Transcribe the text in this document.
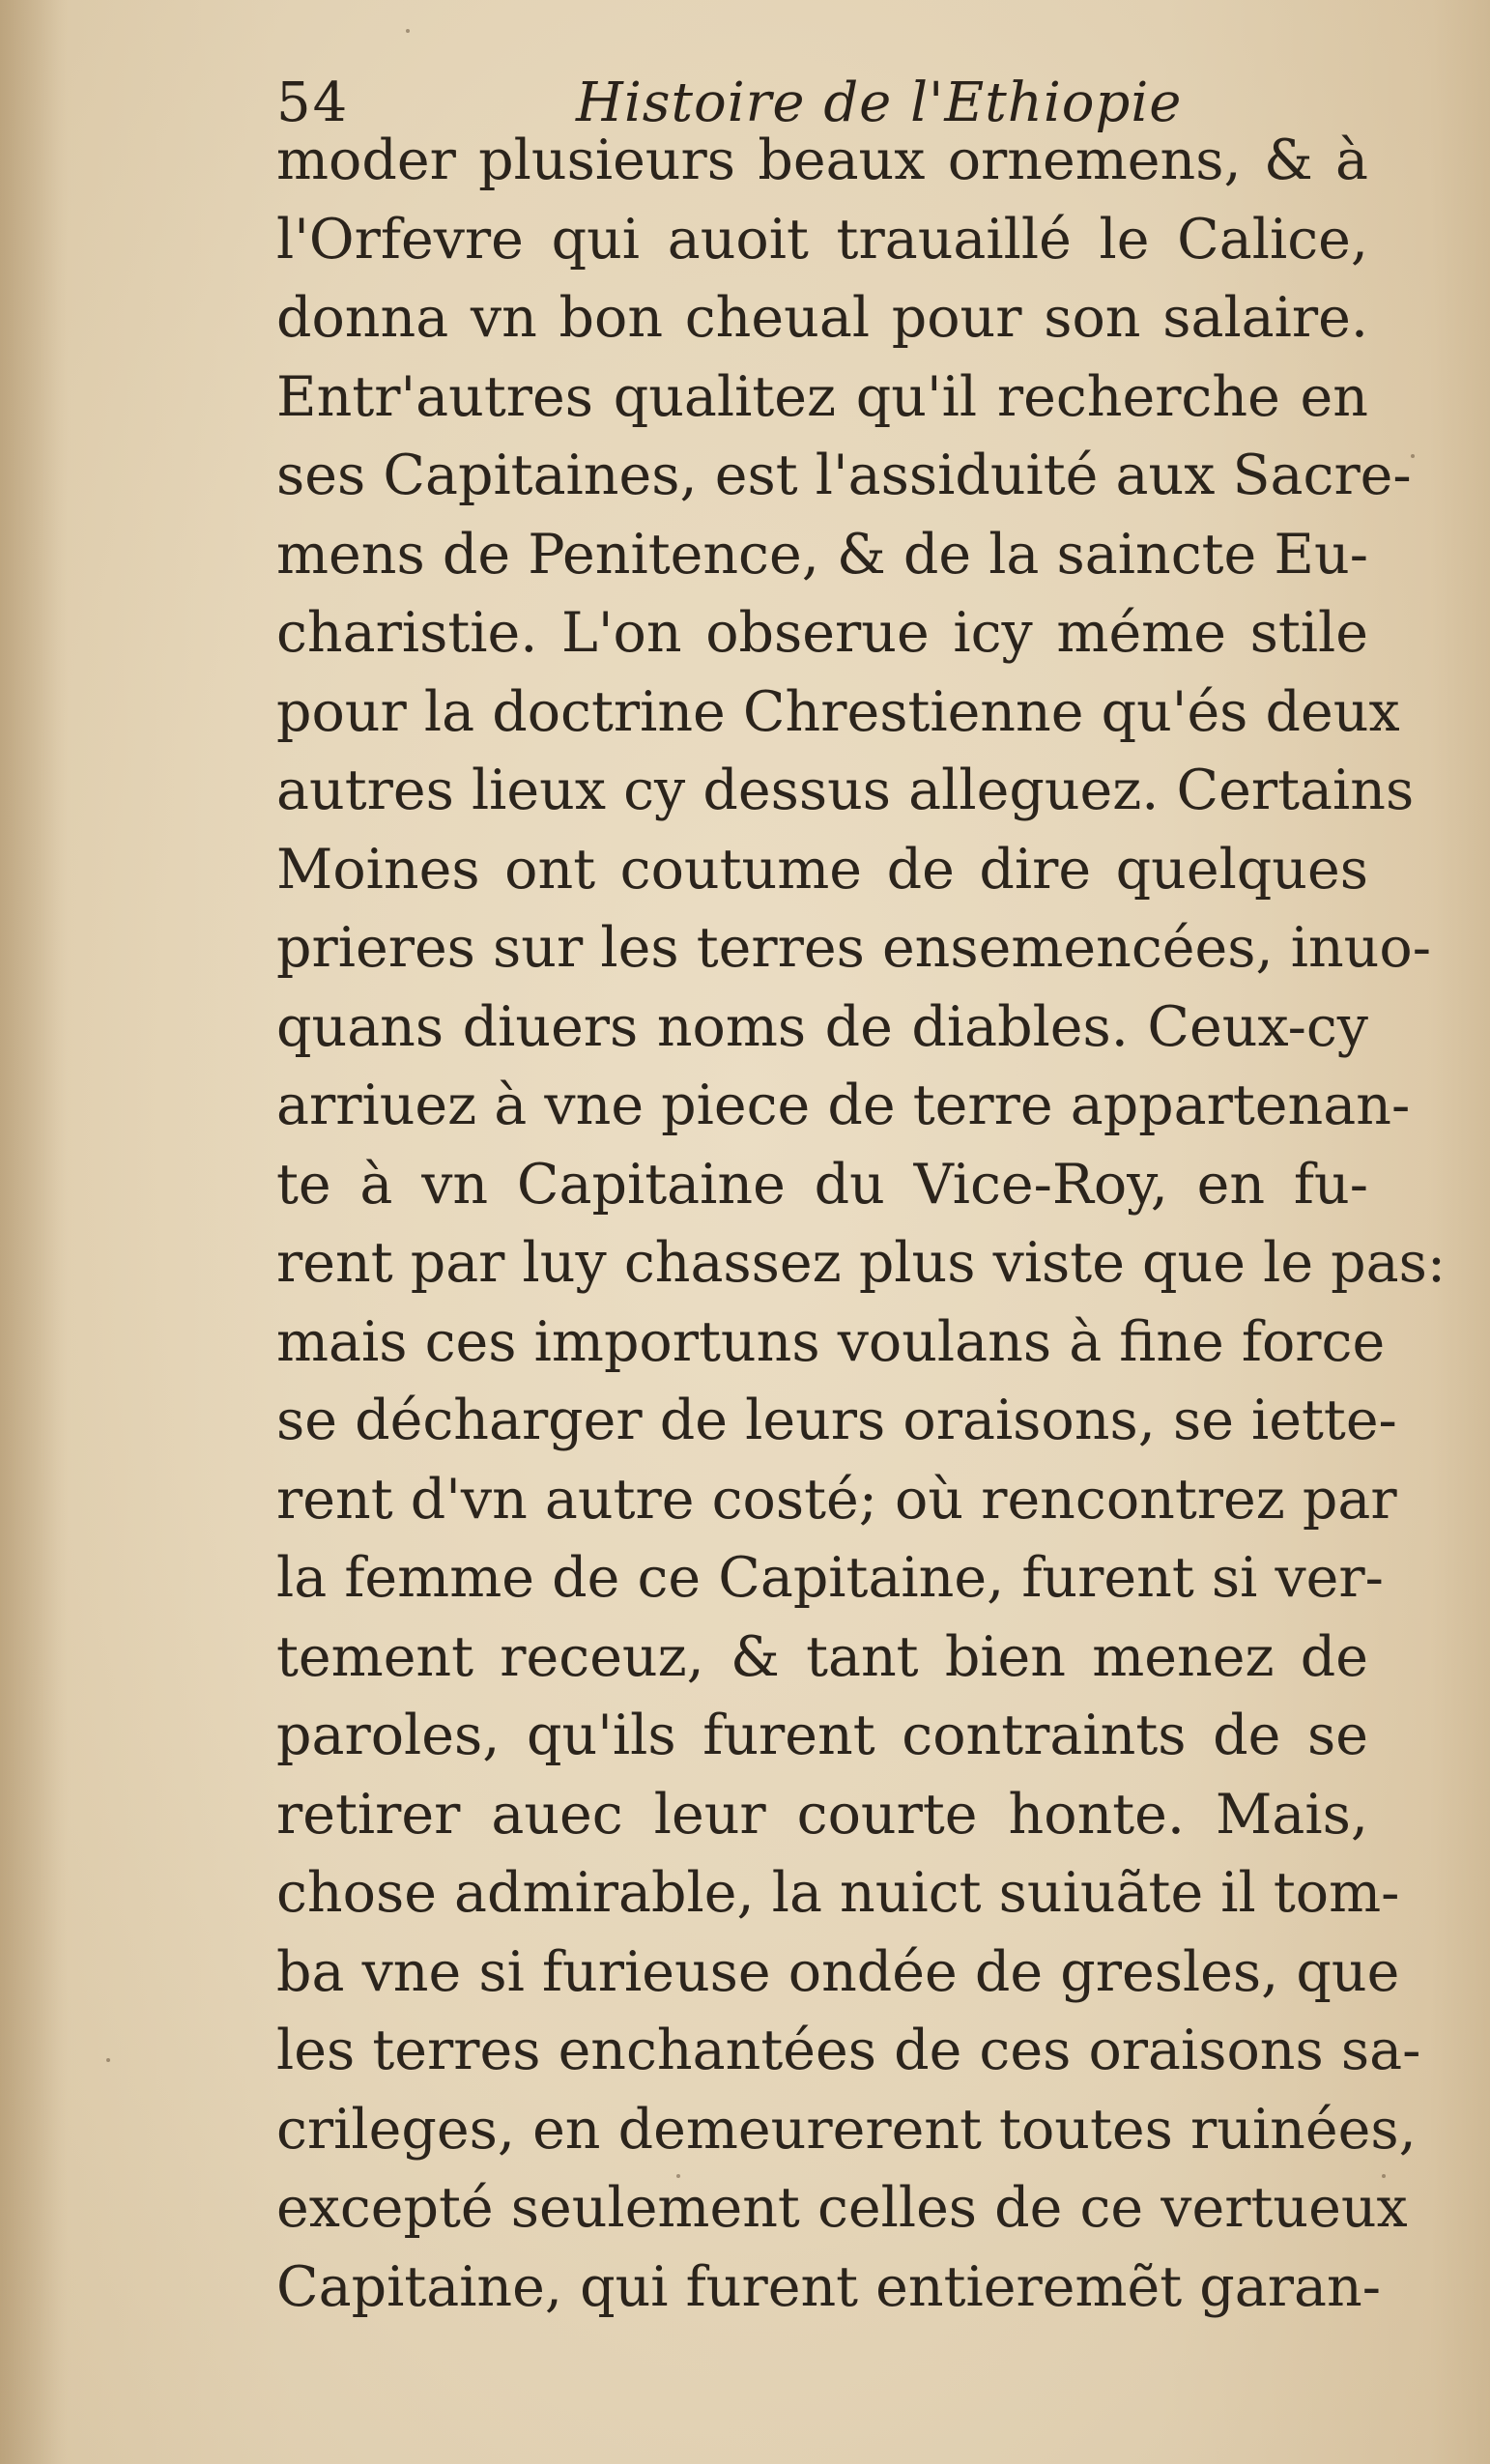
54	Histoire de l'Ethiopie
moder plusieurs beaux ornemens, & à
l'Orfevre qui auoit trauaillé le Calice,
donna vn bon cheual pour son salaire.
Entr'autres qualitez qu'il recherche en
ses Capitaines, est l'assiduité aux Sacre-
mens de Penitence, & de la saincte Eu-
charistie. L'on obserue icy méme stile
pour la doctrine Chrestienne qu'és deux
autres lieux cy dessus alleguez. Certains
Moines ont coutume de dire quelques
prieres sur les terres ensemencées, inuo-
quans diuers noms de diables. Ceux-cy
arriuez à vne piece de terre appartenan-
te à vn Capitaine du Vice-Roy, en fu-
rent par luy chassez plus viste que le pas:
mais ces importuns voulans à fine force
se décharger de leurs oraisons, se iette-
rent d'vn autre costé; où rencontrez par
la femme de ce Capitaine, furent si ver-
tement receuz, & tant bien menez de
paroles, qu'ils furent contraints de se
retirer auec leur courte honte. Mais,
chose admirable, la nuict suiuãte il tom-
ba vne si furieuse ondée de gresles, que
les terres enchantées de ces oraisons sa-
crileges, en demeurerent toutes ruinées,
excepté seulement celles de ce vertueux
Capitaine, qui furent entieremẽt garan-
